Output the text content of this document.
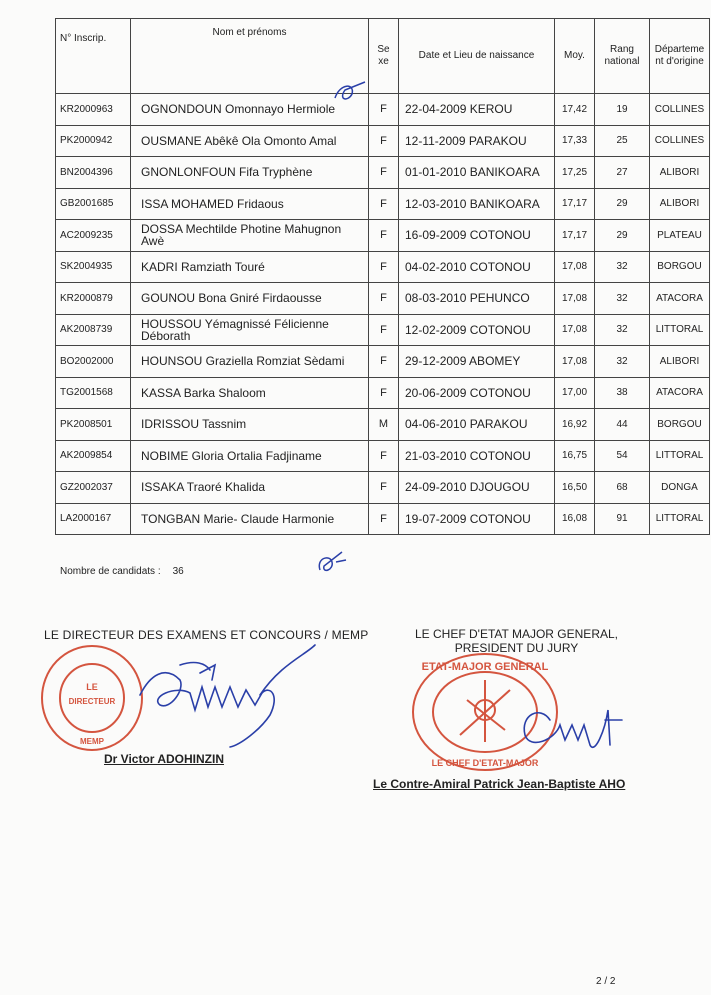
N° Inscrip.	Nom et prénoms	Se xe	Date et Lieu de naissance	Moy.	Rang national	Départeme nt d'origine
KR2000963	OGNONDOUN Omonnayo Hermiole	F	22-04-2009 KEROU	17,42	19	COLLINES
PK2000942	OUSMANE Abêkê Ola Omonto Amal	F	12-11-2009 PARAKOU	17,33	25	COLLINES
BN2004396	GNONLONFOUN Fifa Tryphène	F	01-01-2010 BANIKOARA	17,25	27	ALIBORI
GB2001685	ISSA MOHAMED Fridaous	F	12-03-2010 BANIKOARA	17,17	29	ALIBORI
AC2009235	DOSSA Mechtilde Photine Mahugnon Awè	F	16-09-2009 COTONOU	17,17	29	PLATEAU
SK2004935	KADRI Ramziath Touré	F	04-02-2010 COTONOU	17,08	32	BORGOU
KR2000879	GOUNOU Bona Gniré Firdaousse	F	08-03-2010 PEHUNCO	17,08	32	ATACORA
AK2008739	HOUSSOU Yémagnissé Félicienne Déborath	F	12-02-2009 COTONOU	17,08	32	LITTORAL
BO2002000	HOUNSOU Graziella Romziat Sèdami	F	29-12-2009 ABOMEY	17,08	32	ALIBORI
TG2001568	KASSA Barka Shaloom	F	20-06-2009 COTONOU	17,00	38	ATACORA
PK2008501	IDRISSOU Tassnim	M	04-06-2010 PARAKOU	16,92	44	BORGOU
AK2009854	NOBIME Gloria Ortalia Fadjiname	F	21-03-2010 COTONOU	16,75	54	LITTORAL
GZ2002037	ISSAKA Traoré Khalida	F	24-09-2010 DJOUGOU	16,50	68	DONGA
LA2000167	TONGBAN Marie- Claude Harmonie	F	19-07-2009 COTONOU	16,08	91	LITTORAL
Nombre de candidats : 36
LE DIRECTEUR DES EXAMENS ET CONCOURS / MEMP	LE CHEF D'ETAT MAJOR GENERAL,
PRESIDENT DU JURY
LE
DIRECTEUR
MEMP
Dr Victor ADOHINZIN
ETAT-MAJOR GENERAL
LE CHEF D'ETAT-MAJOR
Le Contre-Amiral Patrick Jean-Baptiste AHO
2 / 2
